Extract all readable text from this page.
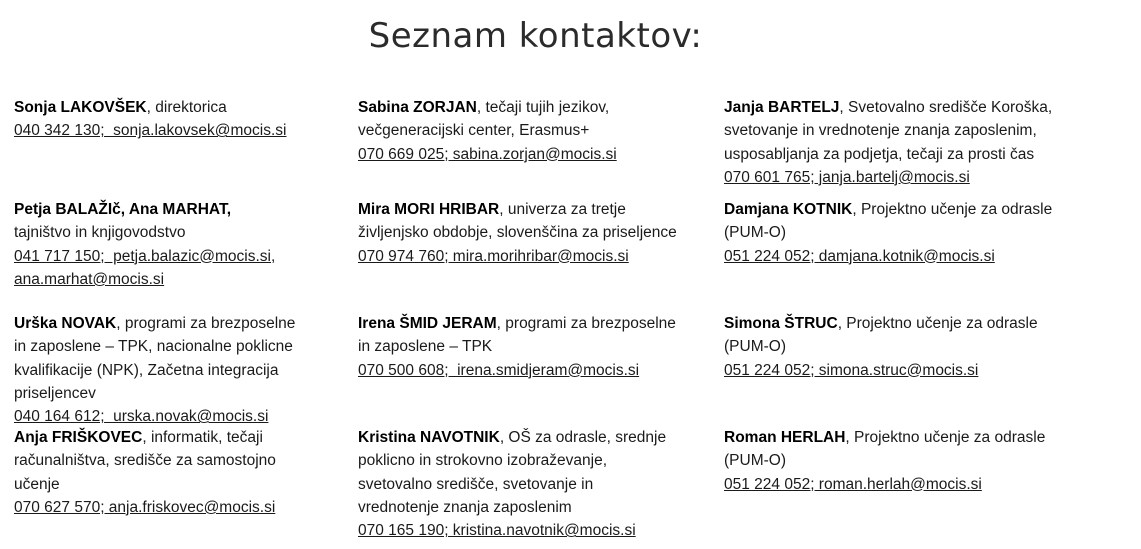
Seznam kontaktov:
Sonja LAKOVŠEK, direktorica
040 342 130;  sonja.lakovsek@mocis.si
Sabina ZORJAN, tečaji tujih jezikov,
večgeneracijski center, Erasmus+
070 669 025; sabina.zorjan@mocis.si
Janja BARTELJ, Svetovalno središče Koroška,
svetovanje in vrednotenje znanja zaposlenim,
usposabljanja za podjetja, tečaji za prosti čas
070 601 765; janja.bartelj@mocis.si
Petja BALAŽIč, Ana MARHAT,
tajništvo in knjigovodstvo
041 717 150;  petja.balazic@mocis.si,
ana.marhat@mocis.si
Mira MORI HRIBAR, univerza za tretje
življenjsko obdobje, slovenščina za priseljence
070 974 760; mira.morihribar@mocis.si
Damjana KOTNIK, Projektno učenje za odrasle
(PUM-O)
051 224 052; damjana.kotnik@mocis.si
Urška NOVAK, programi za brezposelne
in zaposlene – TPK, nacionalne poklicne
kvalifikacije (NPK), Začetna integracija
priseljencev
040 164 612;  urska.novak@mocis.si
Irena ŠMID JERAM, programi za brezposelne
in zaposlene – TPK
070 500 608;  irena.smidjeram@mocis.si
Simona ŠTRUC, Projektno učenje za odrasle
(PUM-O)
051 224 052; simona.struc@mocis.si
Anja FRIŠKOVEC, informatik, tečaji
računalništva, središče za samostojno
učenje
070 627 570; anja.friskovec@mocis.si
Kristina NAVOTNIK, OŠ za odrasle, srednje
poklicno in strokovno izobraževanje,
svetovalno središče, svetovanje in
vrednotenje znanja zaposlenim
070 165 190; kristina.navotnik@mocis.si
Roman HERLAH, Projektno učenje za odrasle
(PUM-O)
051 224 052; roman.herlah@mocis.si
